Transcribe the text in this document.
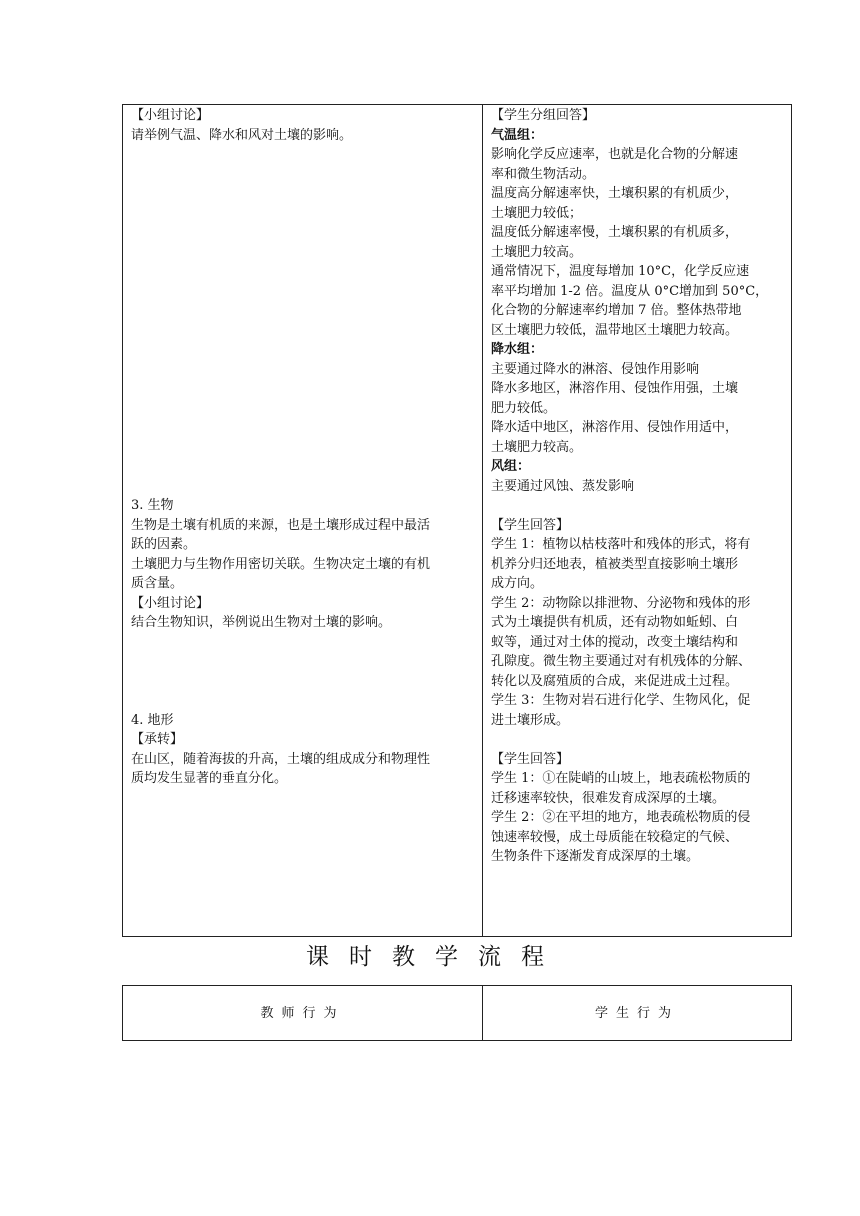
【小组讨论】
请举例气温、降水和风对土壤的影响。
3. 生物
生物是土壤有机质的来源，也是土壤形成过程中最活
跃的因素。
土壤肥力与生物作用密切关联。生物决定土壤的有机
质含量。
【小组讨论】
结合生物知识，举例说出生物对土壤的影响。
4. 地形
【承转】
在山区，随着海拔的升高，土壤的组成成分和物理性
质均发生显著的垂直分化。
【学生分组回答】
气温组：
影响化学反应速率，也就是化合物的分解速
率和微生物活动。
温度高分解速率快，土壤积累的有机质少，
土壤肥力较低；
温度低分解速率慢，土壤积累的有机质多，
土壤肥力较高。
通常情况下，温度每增加 10°C，化学反应速
率平均增加 1-2 倍。温度从 0°C增加到 50°C，
化合物的分解速率约增加 7 倍。整体热带地
区土壤肥力较低，温带地区土壤肥力较高。
降水组：
主要通过降水的淋溶、侵蚀作用影响
降水多地区，淋溶作用、侵蚀作用强，土壤
肥力较低。
降水适中地区，淋溶作用、侵蚀作用适中，
土壤肥力较高。
风组：
主要通过风蚀、蒸发影响
【学生回答】
学生 1：植物以枯枝落叶和残体的形式，将有
机养分归还地表，植被类型直接影响土壤形
成方向。
学生 2：动物除以排泄物、分泌物和残体的形
式为土壤提供有机质，还有动物如蚯蚓、白
蚁等，通过对土体的搅动，改变土壤结构和
孔隙度。微生物主要通过对有机残体的分解、
转化以及腐殖质的合成，来促进成土过程。
学生 3：生物对岩石进行化学、生物风化，促
进土壤形成。
【学生回答】
学生 1：①在陡峭的山坡上，地表疏松物质的
迁移速率较快，很难发育成深厚的土壤。
学生 2：②在平坦的地方，地表疏松物质的侵
蚀速率较慢，成土母质能在较稳定的气候、
生物条件下逐渐发育成深厚的土壤。
课时教学流程
教师行为	学生行为
